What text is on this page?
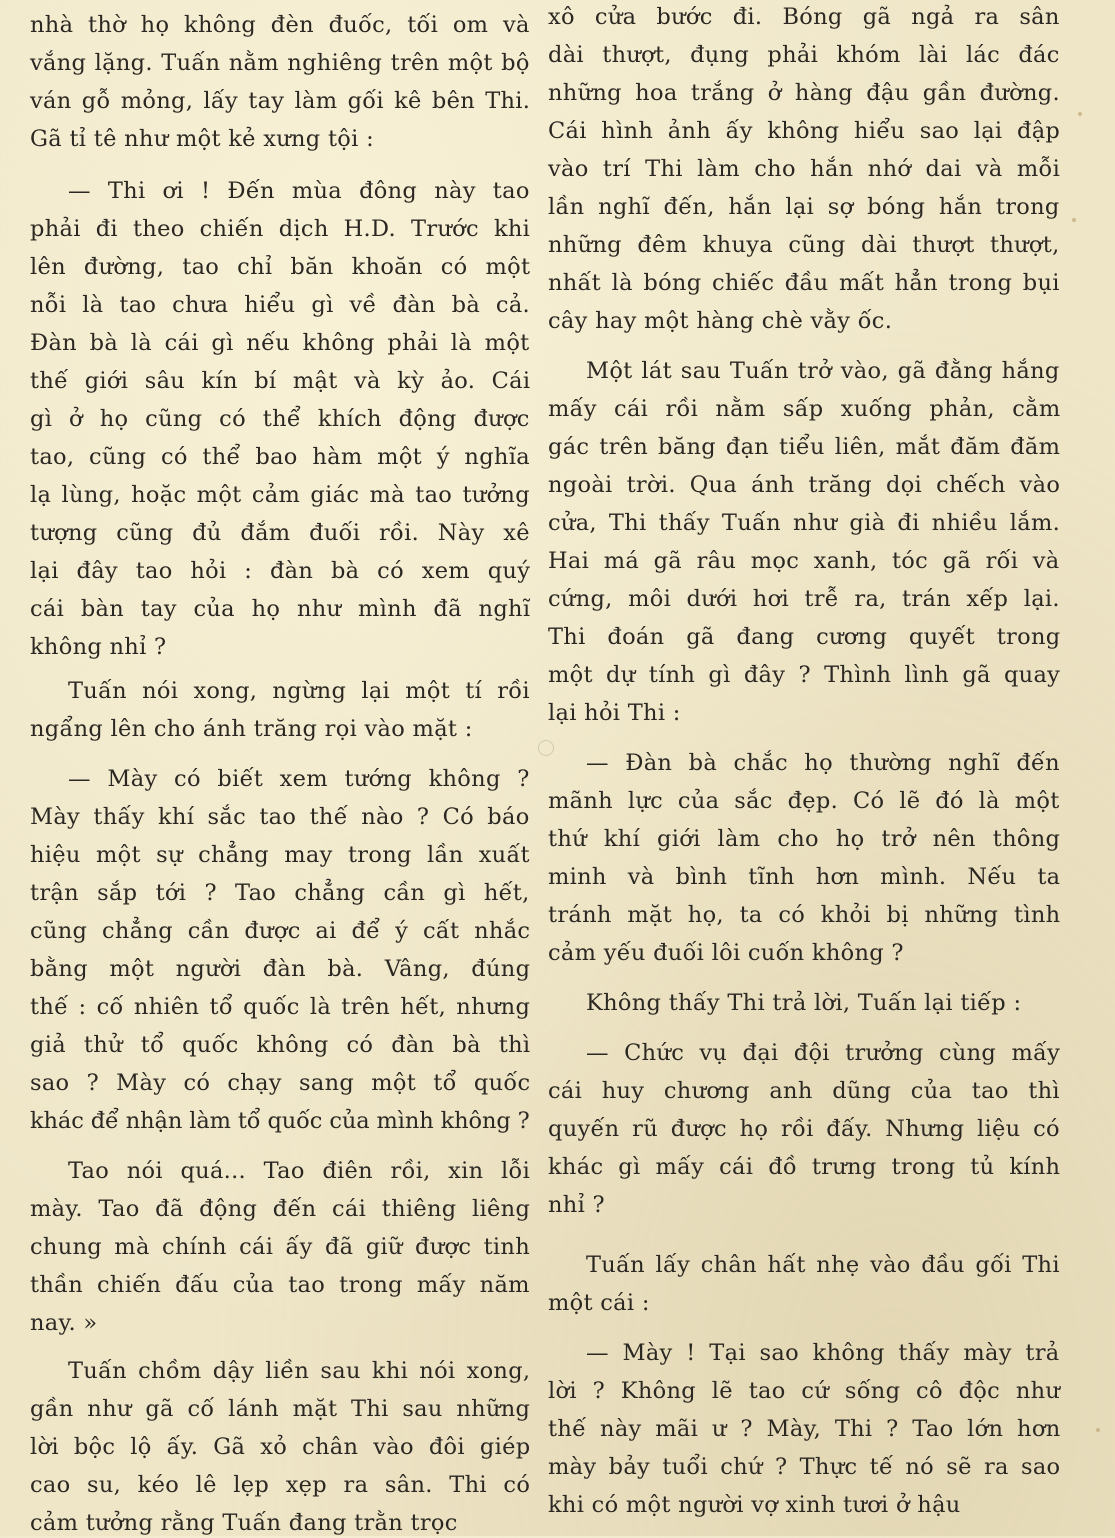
nhà thờ họ không đèn đuốc, tối om và
vắng lặng. Tuấn nằm nghiêng trên một bộ
ván gỗ mỏng, lấy tay làm gối kê bên Thi.
Gã tỉ tê như một kẻ xưng tội :
— Thi ơi ! Đến mùa đông này tao
phải đi theo chiến dịch H.D. Trước khi
lên đường, tao chỉ băn khoăn có một
nỗi là tao chưa hiểu gì về đàn bà cả.
Đàn bà là cái gì nếu không phải là một
thế giới sâu kín bí mật và kỳ ảo. Cái
gì ở họ cũng có thể khích động được
tao, cũng có thể bao hàm một ý nghĩa
lạ lùng, hoặc một cảm giác mà tao tưởng
tượng cũng đủ đắm đuối rồi. Này xê
lại đây tao hỏi : đàn bà có xem quý
cái bàn tay của họ như mình đã nghĩ
không nhỉ ?
Tuấn nói xong, ngừng lại một tí rồi
ngẩng lên cho ánh trăng rọi vào mặt :
— Mày có biết xem tướng không ?
Mày thấy khí sắc tao thế nào ? Có báo
hiệu một sự chẳng may trong lần xuất
trận sắp tới ? Tao chẳng cần gì hết,
cũng chẳng cần được ai để ý cất nhắc
bằng một người đàn bà. Vâng, đúng
thế : cố nhiên tổ quốc là trên hết, nhưng
giả thử tổ quốc không có đàn bà thì
sao ? Mày có chạy sang một tổ quốc
khác để nhận làm tổ quốc của mình không ?
Tao nói quá... Tao điên rồi, xin lỗi
mày. Tao đã động đến cái thiêng liêng
chung mà chính cái ấy đã giữ được tinh
thần chiến đấu của tao trong mấy năm
nay. »
Tuấn chồm dậy liền sau khi nói xong,
gần như gã cố lánh mặt Thi sau những
lời bộc lộ ấy. Gã xỏ chân vào đôi giép
cao su, kéo lê lẹp xẹp ra sân. Thi có
cảm tưởng rằng Tuấn đang trằn trọc
xô cửa bước đi. Bóng gã ngả ra sân
dài thượt, đụng phải khóm lài lác đác
những hoa trắng ở hàng đậu gần đường.
Cái hình ảnh ấy không hiểu sao lại đập
vào trí Thi làm cho hắn nhớ dai và mỗi
lần nghĩ đến, hắn lại sợ bóng hắn trong
những đêm khuya cũng dài thượt thượt,
nhất là bóng chiếc đầu mất hẳn trong bụi
cây hay một hàng chè vằy ốc.
Một lát sau Tuấn trở vào, gã đằng hắng
mấy cái rồi nằm sấp xuống phản, cằm
gác trên băng đạn tiểu liên, mắt đăm đăm
ngoài trời. Qua ánh trăng dọi chếch vào
cửa, Thi thấy Tuấn như già đi nhiều lắm.
Hai má gã râu mọc xanh, tóc gã rối và
cứng, môi dưới hơi trễ ra, trán xếp lại.
Thi đoán gã đang cương quyết trong
một dự tính gì đây ? Thình lình gã quay
lại hỏi Thi :
— Đàn bà chắc họ thường nghĩ đến
mãnh lực của sắc đẹp. Có lẽ đó là một
thứ khí giới làm cho họ trở nên thông
minh và bình tĩnh hơn mình. Nếu ta
tránh mặt họ, ta có khỏi bị những tình
cảm yếu đuối lôi cuốn không ?
Không thấy Thi trả lời, Tuấn lại tiếp :
— Chức vụ đại đội trưởng cùng mấy
cái huy chương anh dũng của tao thì
quyến rũ được họ rồi đấy. Nhưng liệu có
khác gì mấy cái đồ trưng trong tủ kính
nhỉ ?
Tuấn lấy chân hất nhẹ vào đầu gối Thi
một cái :
— Mày ! Tại sao không thấy mày trả
lời ? Không lẽ tao cứ sống cô độc như
thế này mãi ư ? Mày, Thi ? Tao lớn hơn
mày bảy tuổi chứ ? Thực tế nó sẽ ra sao
khi có một người vợ xinh tươi ở hậu
